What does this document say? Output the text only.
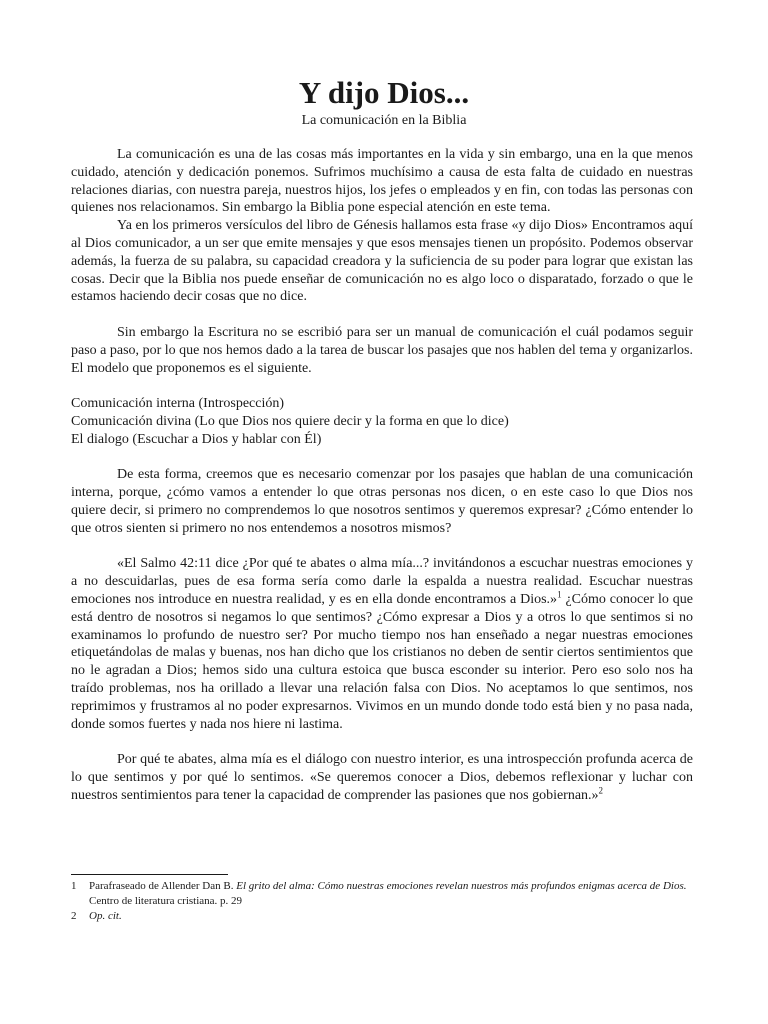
Y dijo Dios...
La comunicación en la Biblia

La comunicación es una de las cosas más importantes en la vida y sin embargo, una en la que menos cuidado, atención y dedicación ponemos. Sufrimos muchísimo a causa de esta falta de cuidado en nuestras relaciones diarias, con nuestra pareja, nuestros hijos, los jefes o empleados y en fin, con todas las personas con quienes nos relacionamos. Sin embargo la Biblia pone especial atención en este tema.

Ya en los primeros versículos del libro de Génesis hallamos esta frase «y dijo Dios» Encontramos aquí al Dios comunicador, a un ser que emite mensajes y que esos mensajes tienen un propósito. Podemos observar además, la fuerza de su palabra, su capacidad creadora y la suficiencia de su poder para lograr que existan las cosas. Decir que la Biblia nos puede enseñar de comunicación no es algo loco o disparatado, forzado o que le estamos haciendo decir cosas que no dice.

Sin embargo la Escritura no se escribió para ser un manual de comunicación el cuál podamos seguir paso a paso, por lo que nos hemos dado a la tarea de buscar los pasajes que nos hablen del tema y organizarlos. El modelo que proponemos es el siguiente.

Comunicación interna (Introspección)
Comunicación divina (Lo que Dios nos quiere decir y la forma en que lo dice)
El dialogo (Escuchar a Dios y hablar con Él)

De esta forma, creemos que es necesario comenzar por los pasajes que hablan de una comunicación interna, porque, ¿cómo vamos a entender lo que otras personas nos dicen, o en este caso lo que Dios nos quiere decir, si primero no comprendemos lo que nosotros sentimos y queremos expresar? ¿Cómo entender lo que otros sienten si primero no nos entendemos a nosotros mismos?

«El Salmo 42:11 dice ¿Por qué te abates o alma mía...? invitándonos a escuchar nuestras emociones y a no descuidarlas, pues de esa forma sería como darle la espalda a nuestra realidad. Escuchar nuestras emociones nos introduce en nuestra realidad, y es en ella donde encontramos a Dios.»$^1$ ¿Cómo conocer lo que está dentro de nosotros si negamos lo que sentimos? ¿Cómo expresar a Dios y a otros lo que sentimos si no examinamos lo profundo de nuestro ser? Por mucho tiempo nos han enseñado a negar nuestras emociones etiquetándolas de malas y buenas, nos han dicho que los cristianos no deben de sentir ciertos sentimientos que no le agradan a Dios; hemos sido una cultura estoica que busca esconder su interior. Pero eso solo nos ha traído problemas, nos ha orillado a llevar una relación falsa con Dios. No aceptamos lo que sentimos, nos reprimimos y frustramos al no poder expresarnos. Vivimos en un mundo donde todo está bien y no pasa nada, donde somos fuertes y nada nos hiere ni lastima.

Por qué te abates, alma mía es el diálogo con nuestro interior, es una introspección profunda acerca de lo que sentimos y por qué lo sentimos. «Se queremos conocer a Dios, debemos reflexionar y luchar con nuestros sentimientos para tener la capacidad de comprender las pasiones que nos gobiernan.»$^2$

1	Parafraseado de Allender Dan B. El grito del alma: Cómo nuestras emociones revelan nuestros más profundos enigmas acerca de Dios. Centro de literatura cristiana. p. 29
2	Op. cit.
